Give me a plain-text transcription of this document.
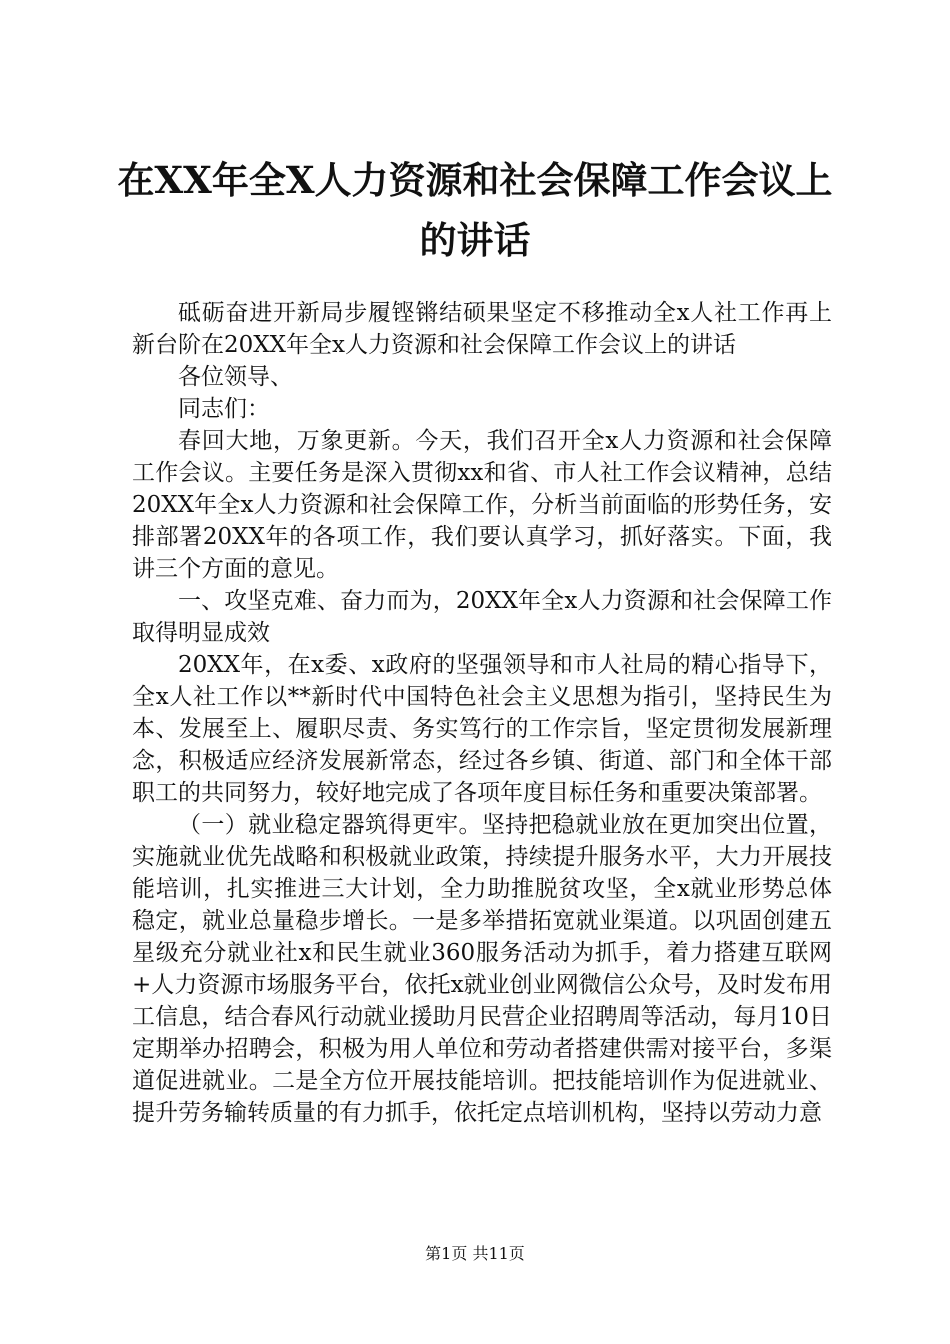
在XX年全X人力资源和社会保障工作会议上
的讲话

砥砺奋进开新局步履铿锵结硕果坚定不移推动全x人社工作再上新台阶在20XX年全x人力资源和社会保障工作会议上的讲话

各位领导、

同志们：

春回大地，万象更新。今天，我们召开全x人力资源和社会保障工作会议。主要任务是深入贯彻xx和省、市人社工作会议精神，总结20XX年全x人力资源和社会保障工作，分析当前面临的形势任务，安排部署20XX年的各项工作，我们要认真学习，抓好落实。下面，我讲三个方面的意见。

一、攻坚克难、奋力而为，20XX年全x人力资源和社会保障工作取得明显成效

20XX年，在x委、x政府的坚强领导和市人社局的精心指导下，全x人社工作以**新时代中国特色社会主义思想为指引，坚持民生为本、发展至上、履职尽责、务实笃行的工作宗旨，坚定贯彻发展新理念，积极适应经济发展新常态，经过各乡镇、街道、部门和全体干部职工的共同努力，较好地完成了各项年度目标任务和重要决策部署。

（一）就业稳定器筑得更牢。坚持把稳就业放在更加突出位置，实施就业优先战略和积极就业政策，持续提升服务水平，大力开展技能培训，扎实推进三大计划，全力助推脱贫攻坚，全x就业形势总体稳定，就业总量稳步增长。一是多举措拓宽就业渠道。以巩固创建五星级充分就业社x和民生就业360服务活动为抓手，着力搭建互联网+人力资源市场服务平台，依托x就业创业网微信公众号，及时发布用工信息，结合春风行动就业援助月民营企业招聘周等活动，每月10日定期举办招聘会，积极为用人单位和劳动者搭建供需对接平台，多渠道促进就业。二是全方位开展技能培训。把技能培训作为促进就业、提升劳务输转质量的有力抓手，依托定点培训机构，坚持以劳动力意

第1页 共11页
